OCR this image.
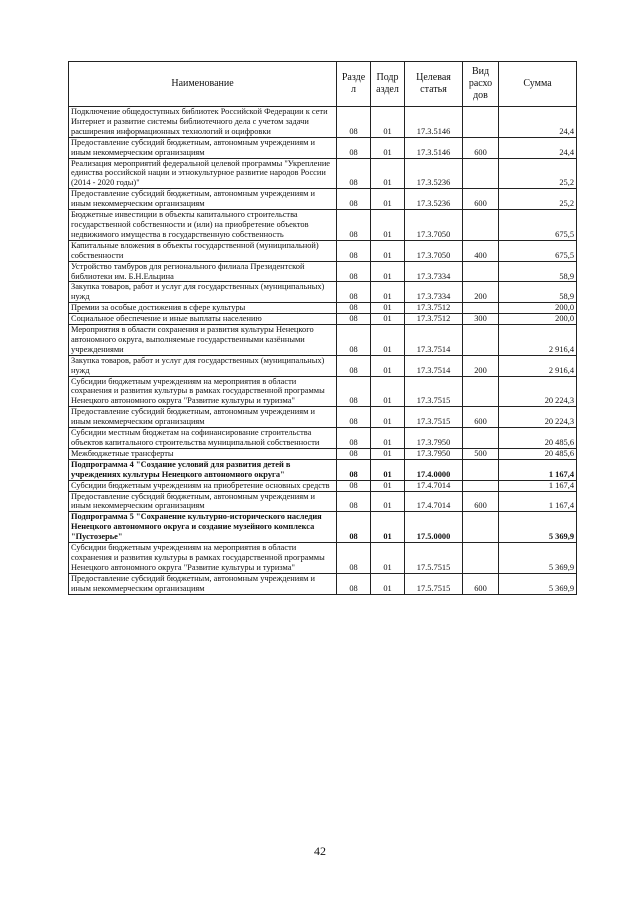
Наименование	Разде л	Подр аздел	Целевая статья	Вид расхо дов	Сумма
Подключение общедоступных библиотек Российской Федерации к сети Интернет и развитие системы библиотечного дела с учетом задачи расширения информационных технологий и оцифровки	08	01	17.3.5146		24,4
Предоставление субсидий бюджетным, автономным учреждениям и иным некоммерческим организациям	08	01	17.3.5146	600	24,4
Реализация мероприятий федеральной целевой программы "Укрепление единства российской нации и этнокультурное развитие народов России (2014 - 2020 годы)"	08	01	17.3.5236		25,2
Предоставление субсидий бюджетным, автономным учреждениям и иным некоммерческим организациям	08	01	17.3.5236	600	25,2
Бюджетные инвестиции в объекты капитального строительства государственной собственности и (или) на приобретение объектов недвижимого имущества в государственную собственность	08	01	17.3.7050		675,5
Капитальные вложения в объекты государственной (муниципальной) собственности	08	01	17.3.7050	400	675,5
Устройство тамбуров для регионального филиала Президентской библиотеки им. Б.Н.Ельцина	08	01	17.3.7334		58,9
Закупка товаров, работ и услуг для государственных (муниципальных) нужд	08	01	17.3.7334	200	58,9
Премии за особые достижения в сфере культуры	08	01	17.3.7512		200,0
Социальное обеспечение и иные выплаты населению	08	01	17.3.7512	300	200,0
Мероприятия в области сохранения и развития культуры Ненецкого автономного округа, выполняемые государственными казёнными учреждениями	08	01	17.3.7514		2 916,4
Закупка товаров, работ и услуг для государственных (муниципальных) нужд	08	01	17.3.7514	200	2 916,4
Субсидии бюджетным учреждениям на мероприятия в области сохранения и развития культуры в рамках государственной программы Ненецкого автономного округа "Развитие культуры и туризма"	08	01	17.3.7515		20 224,3
Предоставление субсидий бюджетным, автономным учреждениям и иным некоммерческим организациям	08	01	17.3.7515	600	20 224,3
Субсидии местным бюджетам на софинансирование строительства объектов капитального строительства муниципальной собственности	08	01	17.3.7950		20 485,6
Межбюджетные трансферты	08	01	17.3.7950	500	20 485,6
Подпрограмма 4 "Создание условий для развития детей в учреждениях культуры Ненецкого автономного округа"	08	01	17.4.0000		1 167,4
Субсидии бюджетным учреждениям на приобретение основных средств	08	01	17.4.7014		1 167,4
Предоставление субсидий бюджетным, автономным учреждениям и иным некоммерческим организациям	08	01	17.4.7014	600	1 167,4
Подпрограмма 5 "Сохранение культурно-исторического наследия Ненецкого автономного округа и создание музейного комплекса "Пустозерье"	08	01	17.5.0000		5 369,9
Субсидии бюджетным учреждениям на мероприятия в области сохранения и развития культуры в рамках государственной программы Ненецкого автономного округа "Развитие культуры и туризма"	08	01	17.5.7515		5 369,9
Предоставление субсидий бюджетным, автономным учреждениям и иным некоммерческим организациям	08	01	17.5.7515	600	5 369,9
42
